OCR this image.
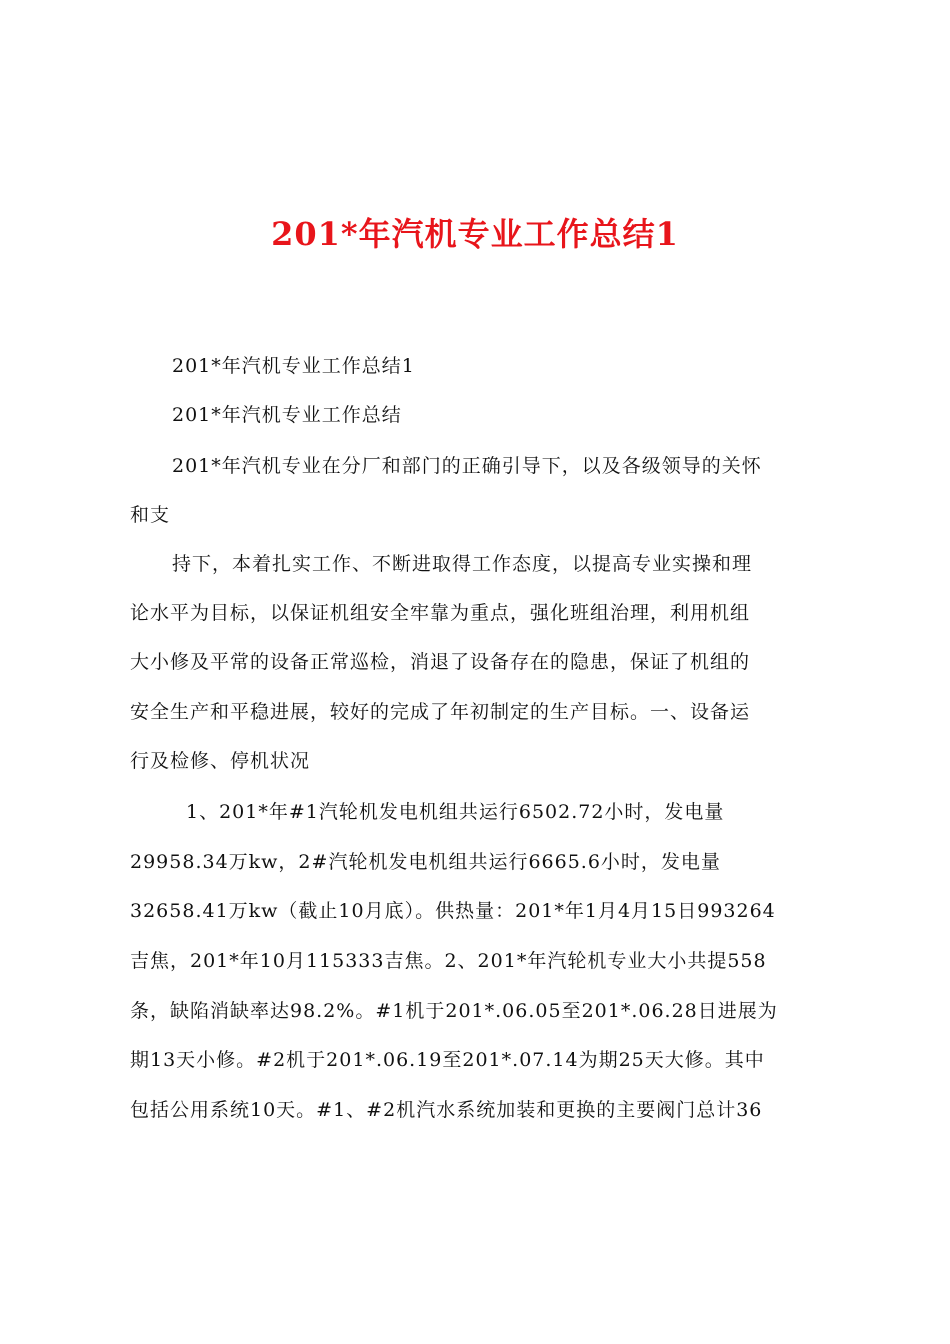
201*年汽机专业工作总结1
201*年汽机专业工作总结1
201*年汽机专业工作总结
201*年汽机专业在分厂和部门的正确引导下，以及各级领导的关怀
和支
持下，本着扎实工作、不断进取得工作态度，以提高专业实操和理
论水平为目标，以保证机组安全牢靠为重点，强化班组治理，利用机组
大小修及平常的设备正常巡检，消退了设备存在的隐患，保证了机组的
安全生产和平稳进展，较好的完成了年初制定的生产目标。一、设备运
行及检修、停机状况
1、201*年#1汽轮机发电机组共运行6502.72小时，发电量
29958.34万kw，2#汽轮机发电机组共运行6665.6小时，发电量
32658.41万kw（截止10月底）。供热量：201*年1月4月15日993264
吉焦，201*年10月115333吉焦。2、201*年汽轮机专业大小共提558
条，缺陷消缺率达98.2%。#1机于201*.06.05至201*.06.28日进展为
期13天小修。#2机于201*.06.19至201*.07.14为期25天大修。其中
包括公用系统10天。#1、#2机汽水系统加装和更换的主要阀门总计36
